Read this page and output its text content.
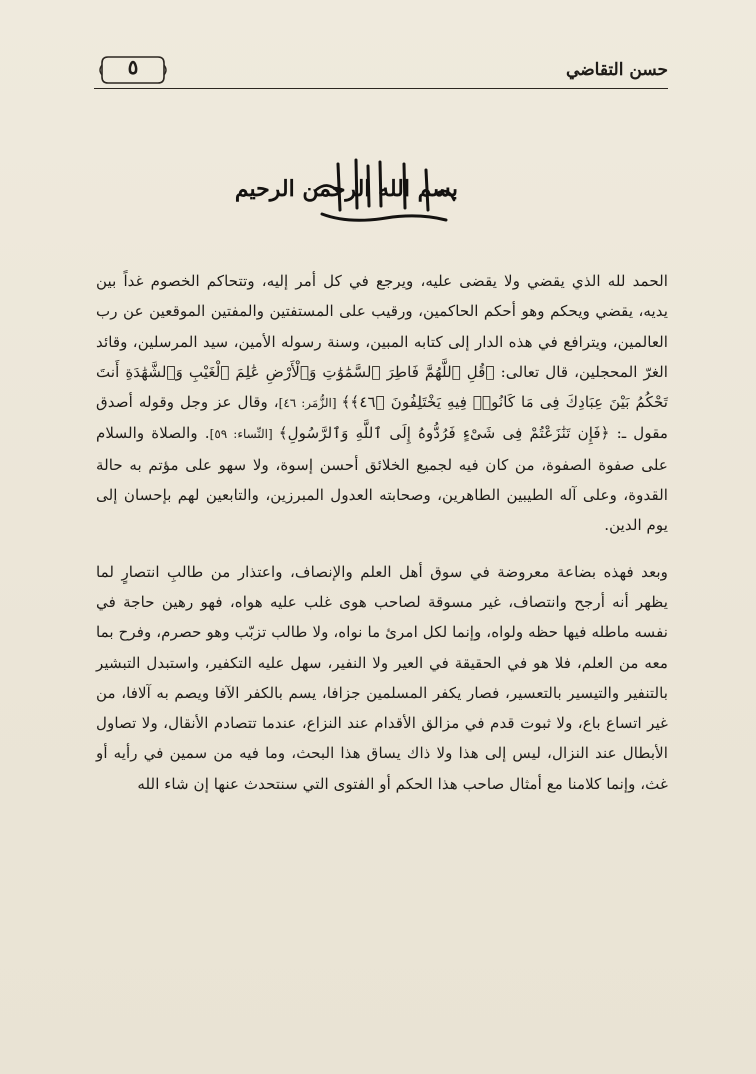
حسن التقاضي
٥
بسم الله الرحمن الرحيم

الحمد لله الذي يقضي ولا يقضى عليه، ويرجع في كل أمر إليه، وتتحاكم الخصوم غداً بين يديه، يقضي ويحكم وهو أحكم الحاكمين، ورقيب على المستفتين والمفتين الموقعين عن رب العالمين، ويترافع في هذه الدار إلى كتابه المبين، وسنة رسوله الأمين، سيد المرسلين، وقائد الغرّ المحجلين، قال تعالى: ﴿قُلِ ٱللَّهُمَّ فَاطِرَ ٱلسَّمَٰوَٰتِ وَٱلْأَرْضِ عَٰلِمَ ٱلْغَيْبِ وَٱلشَّهَٰدَةِ أَنتَ تَحْكُمُ بَيْنَ عِبَادِكَ فِى مَا كَانُوا۟ فِيهِ يَخْتَلِفُونَ ﴿٤٦﴾﴾ [الزُّمَر: ٤٦]، وقال عز وجل وقوله أصدق مقول ـ: ﴿فَإِن تَنَٰزَعْتُمْ فِى شَىْءٍ فَرُدُّوهُ إِلَى ٱللَّهِ وَٱلرَّسُولِ﴾ [النِّساء: ٥٩]. والصلاة والسلام على صفوة الصفوة، من كان فيه لجميع الخلائق أحسن إسوة، ولا سهو على مؤتم به حالة القدوة، وعلى آله الطيبين الطاهرين، وصحابته العدول المبرزين، والتابعين لهم بإحسان إلى يوم الدين.

وبعد فهذه بضاعة معروضة في سوق أهل العلم والإنصاف، واعتذار من طالبِ انتصارٍ لما يظهر أنه أرجح وانتصاف، غير مسوقة لصاحب هوى غلب عليه هواه، فهو رهين حاجة في نفسه ماطله فيها حظه ولواه، وإنما لكل امرئ ما نواه، ولا طالب تزبّب وهو حصرم، وفرح بما معه من العلم، فلا هو في الحقيقة في العير ولا النفير، سهل عليه التكفير، واستبدل التبشير بالتنفير والتيسير بالتعسير، فصار يكفر المسلمين جزافا، يسم بالكفر الآفا ويصم به آلافا، من غير اتساع باع، ولا ثبوت قدم في مزالق الأقدام عند النزاع، عندما تتصادم الأنقال، ولا تصاول الأبطال عند النزال، ليس إلى هذا ولا ذاك يساق هذا البحث، وما فيه من سمين في رأيه أو غث، وإنما كلامنا مع أمثال صاحب هذا الحكم أو الفتوى التي سنتحدث عنها إن شاء الله
